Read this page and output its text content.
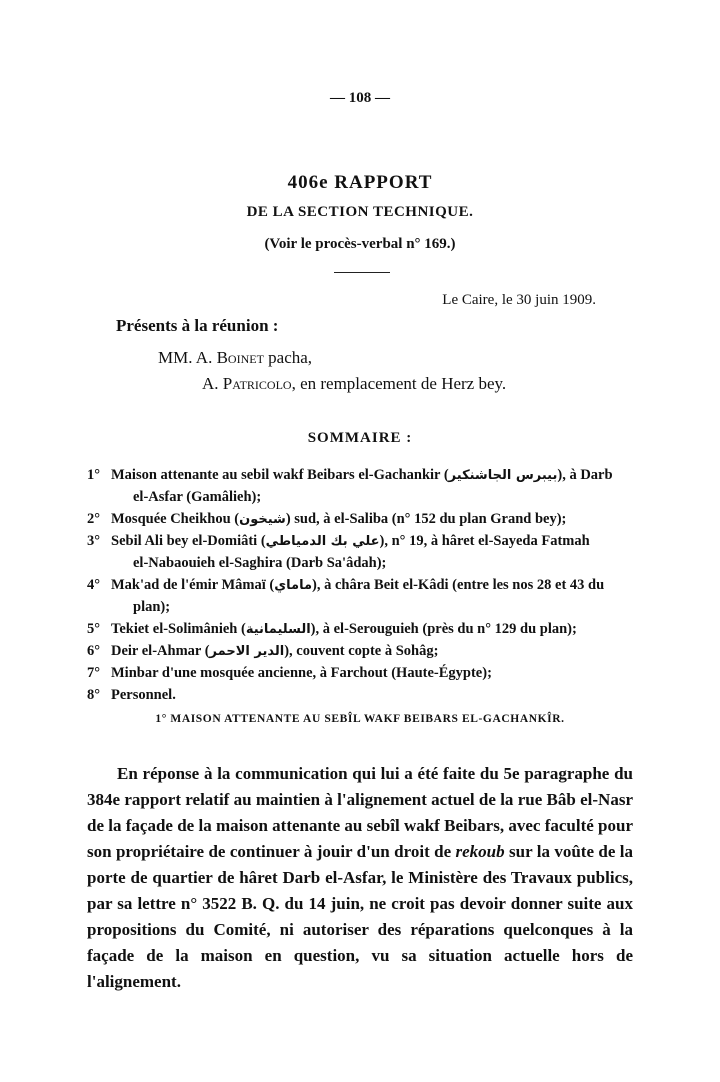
— 108 —
406e RAPPORT
DE LA SECTION TECHNIQUE.
(Voir le procès-verbal n° 169.)
Le Caire, le 30 juin 1909.
Présents à la réunion :
MM. A. Boinet pacha,
A. Patricolo, en remplacement de Herz bey.
SOMMAIRE :
1° Maison attenante au sebil wakf Beibars el-Gachankir (بيبرس الجاشنكير), à Darb
el-Asfar (Gamâlieh);
2° Mosquée Cheikhou (شيخون) sud, à el-Saliba (n° 152 du plan Grand bey);
3° Sebil Ali bey el-Domiâti (علي بك الدمياطي), n° 19, à hâret el-Sayeda Fatmah
el-Nabaouieh el-Saghira (Darb Sa'âdah);
4° Mak'ad de l'émir Mâmaï (ماماي), à châra Beit el-Kâdi (entre les nos 28 et 43 du
plan);
5° Tekiet el-Solimânieh (السليمانية), à el-Serouguieh (près du n° 129 du plan);
6° Deir el-Ahmar (الدير الاحمر), couvent copte à Sohâg;
7° Minbar d'une mosquée ancienne, à Farchout (Haute-Égypte);
8° Personnel.
1° MAISON ATTENANTE AU SEBÎL WAKF BEIBARS EL-GACHANKÎR.

En réponse à la communication qui lui a été faite du 5e paragraphe du 384e rapport relatif au maintien à l'alignement actuel de la rue Bâb el-Nasr de la façade de la maison attenante au sebîl wakf Beibars, avec faculté pour son propriétaire de continuer à jouir d'un droit de rekoub sur la voûte de la porte de quartier de hâret Darb el-Asfar, le Ministère des Travaux publics, par sa lettre n° 3522 B. Q. du 14 juin, ne croit pas devoir donner suite aux propositions du Comité, ni autoriser des réparations quelconques à la façade de la maison en question, vu sa situation actuelle hors de l'alignement.
